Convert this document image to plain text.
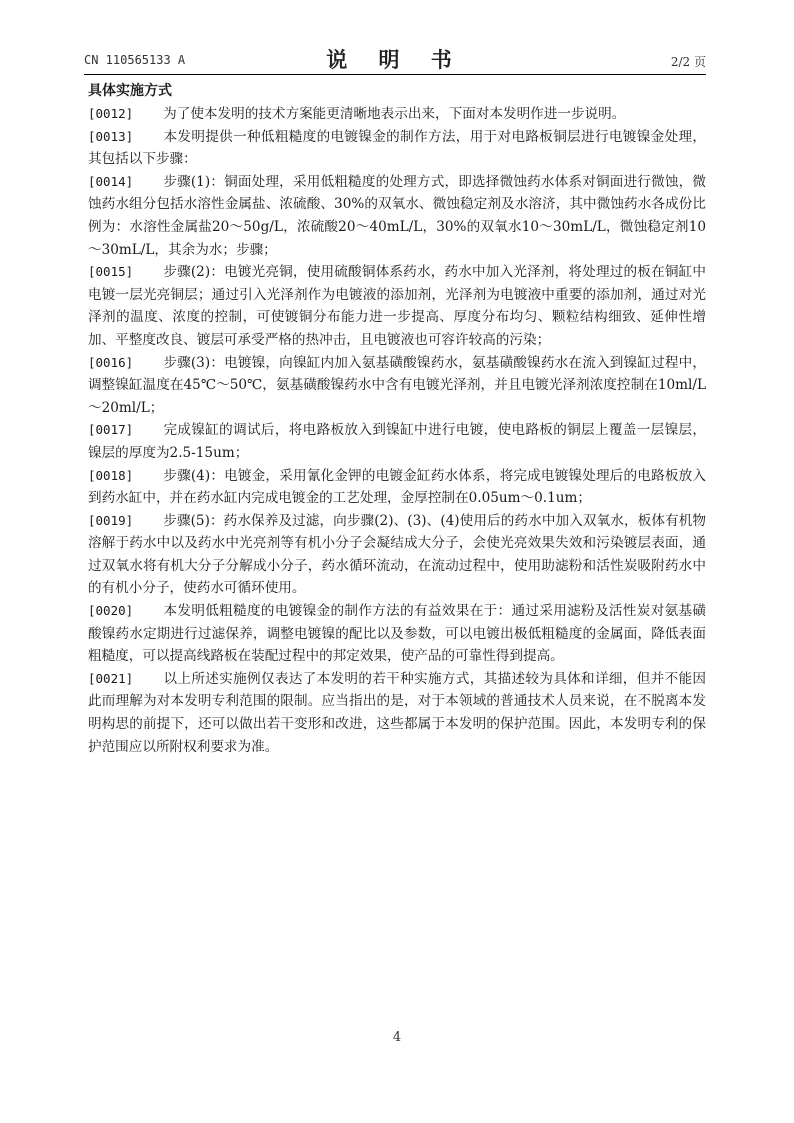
CN 110565133 A	说 明 书	2/2 页
具体实施方式

[0012] 为了使本发明的技术方案能更清晰地表示出来，下面对本发明作进一步说明。

[0013] 本发明提供一种低粗糙度的电镀镍金的制作方法，用于对电路板铜层进行电镀镍金处理，其包括以下步骤：

[0014] 步骤(1)：铜面处理，采用低粗糙度的处理方式，即选择微蚀药水体系对铜面进行微蚀，微蚀药水组分包括水溶性金属盐、浓硫酸、30%的双氧水、微蚀稳定剂及水溶济，其中微蚀药水各成份比例为：水溶性金属盐20～50g/L，浓硫酸20～40mL/L，30%的双氧水10～30mL/L，微蚀稳定剂10～30mL/L，其余为水；步骤；

[0015] 步骤(2)：电镀光亮铜，使用硫酸铜体系药水，药水中加入光泽剂，将处理过的板在铜缸中电镀一层光亮铜层；通过引入光泽剂作为电镀液的添加剂，光泽剂为电镀液中重要的添加剂，通过对光泽剂的温度、浓度的控制，可使镀铜分布能力进一步提高、厚度分布均匀、颗粒结构细致、延伸性增加、平整度改良、镀层可承受严格的热冲击，且电镀液也可容许较高的污染；

[0016] 步骤(3)：电镀镍，向镍缸内加入氨基磺酸镍药水，氨基磺酸镍药水在流入到镍缸过程中，调整镍缸温度在45℃～50℃，氨基磺酸镍药水中含有电镀光泽剂，并且电镀光泽剂浓度控制在10ml/L～20ml/L；

[0017] 完成镍缸的调试后，将电路板放入到镍缸中进行电镀，使电路板的铜层上覆盖一层镍层，镍层的厚度为2.5-15um；

[0018] 步骤(4)：电镀金，采用氰化金钾的电镀金缸药水体系，将完成电镀镍处理后的电路板放入到药水缸中，并在药水缸内完成电镀金的工艺处理，金厚控制在0.05um～0.1um；

[0019] 步骤(5)：药水保养及过滤，向步骤(2)、(3)、(4)使用后的药水中加入双氧水，板体有机物溶解于药水中以及药水中光亮剂等有机小分子会凝结成大分子，会使光亮效果失效和污染镀层表面，通过双氧水将有机大分子分解成小分子，药水循环流动，在流动过程中，使用助滤粉和活性炭吸附药水中的有机小分子，使药水可循环使用。

[0020] 本发明低粗糙度的电镀镍金的制作方法的有益效果在于：通过采用滤粉及活性炭对氨基磺酸镍药水定期进行过滤保养，调整电镀镍的配比以及参数，可以电镀出极低粗糙度的金属面，降低表面粗糙度，可以提高线路板在装配过程中的邦定效果，使产品的可靠性得到提高。

[0021] 以上所述实施例仅表达了本发明的若干种实施方式，其描述较为具体和详细，但并不能因此而理解为对本发明专利范围的限制。应当指出的是，对于本领域的普通技术人员来说，在不脱离本发明构思的前提下，还可以做出若干变形和改进，这些都属于本发明的保护范围。因此，本发明专利的保护范围应以所附权利要求为准。

4
